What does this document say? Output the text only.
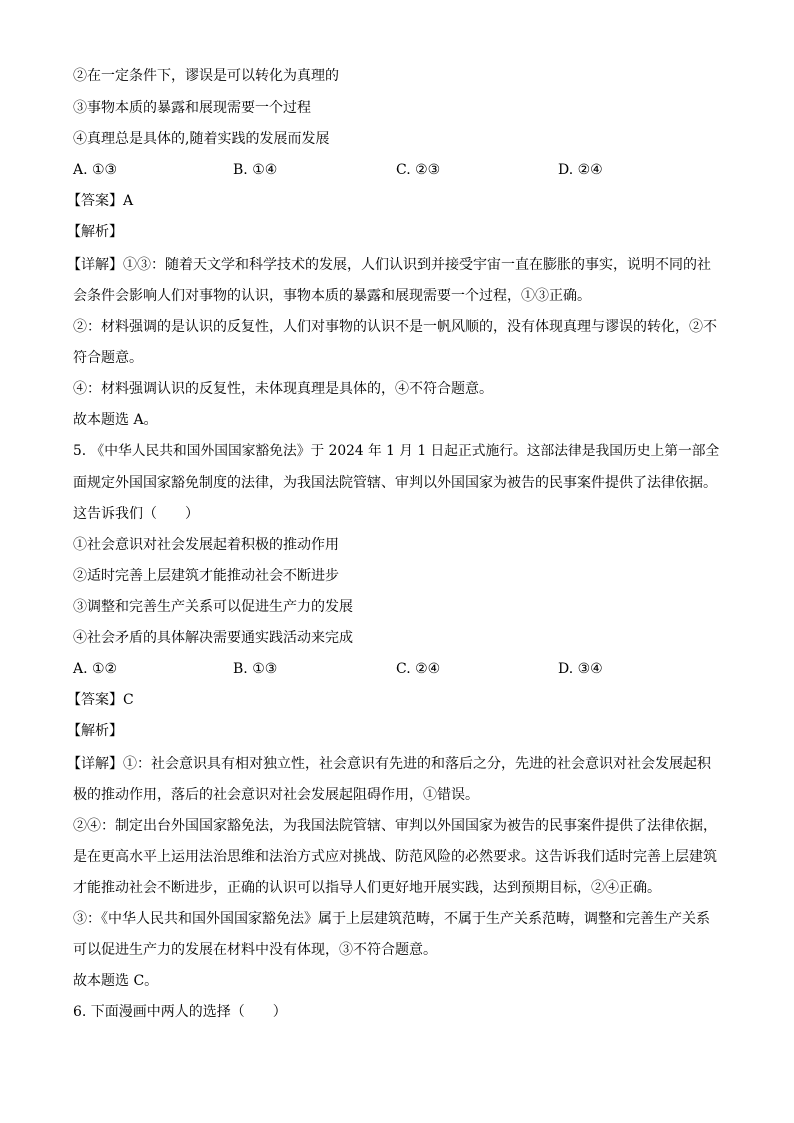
②在一定条件下，谬误是可以转化为真理的
③事物本质的暴露和展现需要一个过程
④真理总是具体的,随着实践的发展而发展
A. ①③	B. ①④	C. ②③	D. ②④
【答案】A
【解析】
【详解】①③：随着天文学和科学技术的发展，人们认识到并接受宇宙一直在膨胀的事实，说明不同的社
会条件会影响人们对事物的认识，事物本质的暴露和展现需要一个过程，①③正确。
②：材料强调的是认识的反复性，人们对事物的认识不是一帆风顺的，没有体现真理与谬误的转化，②不
符合题意。
④：材料强调认识的反复性，未体现真理是具体的，④不符合题意。
故本题选 A。
5. 《中华人民共和国外国国家豁免法》于 2024 年 1 月 1 日起正式施行。这部法律是我国历史上第一部全
面规定外国国家豁免制度的法律，为我国法院管辖、审判以外国国家为被告的民事案件提供了法律依据。
这告诉我们（　　）
①社会意识对社会发展起着积极的推动作用
②适时完善上层建筑才能推动社会不断进步
③调整和完善生产关系可以促进生产力的发展
④社会矛盾的具体解决需要通实践活动来完成
A. ①②	B. ①③	C. ②④	D. ③④
【答案】C
【解析】
【详解】①：社会意识具有相对独立性，社会意识有先进的和落后之分，先进的社会意识对社会发展起积
极的推动作用，落后的社会意识对社会发展起阻碍作用，①错误。
②④：制定出台外国国家豁免法，为我国法院管辖、审判以外国国家为被告的民事案件提供了法律依据，
是在更高水平上运用法治思维和法治方式应对挑战、防范风险的必然要求。这告诉我们适时完善上层建筑
才能推动社会不断进步，正确的认识可以指导人们更好地开展实践，达到预期目标，②④正确。
③：《中华人民共和国外国国家豁免法》属于上层建筑范畴，不属于生产关系范畴，调整和完善生产关系
可以促进生产力的发展在材料中没有体现，③不符合题意。
故本题选 C。
6. 下面漫画中两人的选择（　　）
